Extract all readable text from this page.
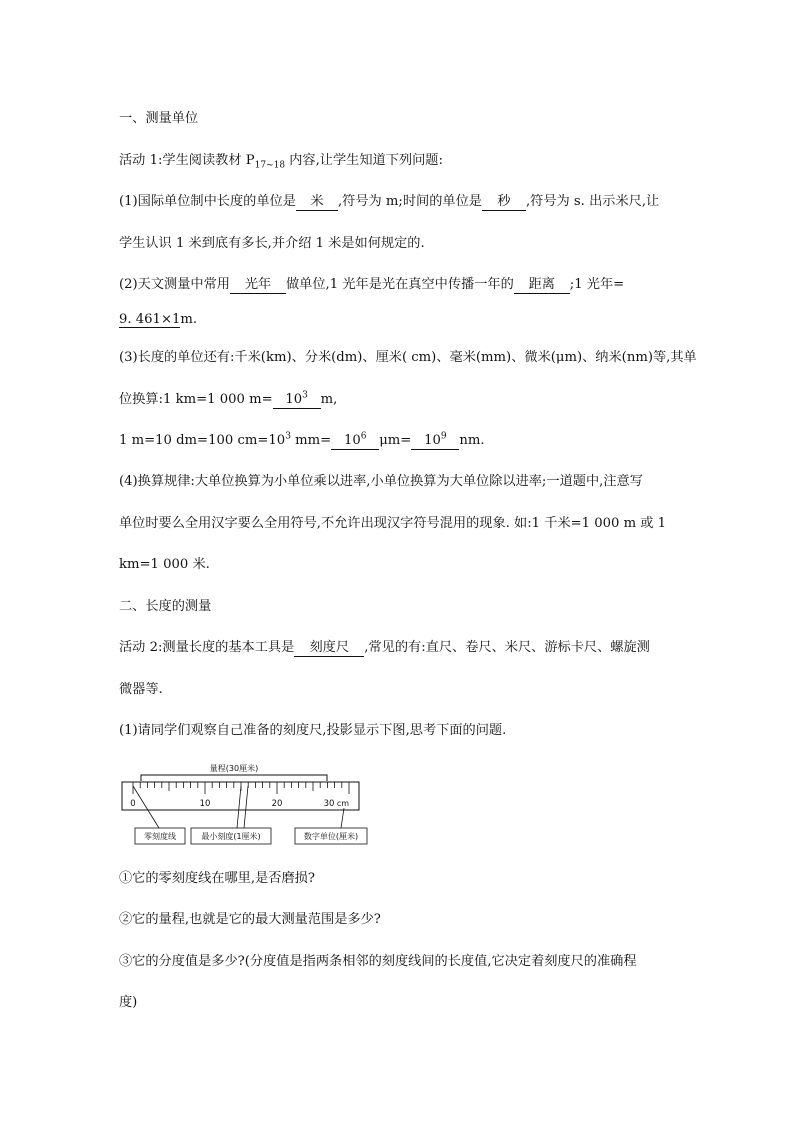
一、测量单位
活动 1:学生阅读教材 $P_{17\sim 18}$ 内容,让学生知道下列问题:
(1)国际单位制中长度的单位是 米 ,符号为 m;时间的单位是 秒 ,符号为 s. 出示米尺,让
学生认识 1 米到底有多长,并介绍 1 米是如何规定的.
(2)天文测量中常用 光年 做单位,1 光年是光在真空中传播一年的 距离 ;1 光年=
9. 461×1m.
(3)长度的单位还有:千米(km)、分米(dm)、厘米( cm)、毫米(mm)、微米(μm)、纳米(nm)等,其单
位换算:1 km=1 000 $m= 10^3$ m,
1 m=10 dm=100 $cm=10^3$ $mm= 10^6$ $\mu m= 10^9$ nm.
(4)换算规律:大单位换算为小单位乘以进率,小单位换算为大单位除以进率;一道题中,注意写
单位时要么全用汉字要么全用符号,不允许出现汉字符号混用的现象. 如:1 千米=1 000 m 或 1
km=1 000 米.
二、长度的测量
活动 2:测量长度的基本工具是 刻度尺 ,常见的有:直尺、卷尺、米尺、游标卡尺、螺旋测
微器等.
(1)请同学们观察自己准备的刻度尺,投影显示下图,思考下面的问题.
量程(30厘米)
0	10	20	30 cm
零刻度线	最小刻度(1厘米)	数字单位(厘米)
①它的零刻度线在哪里,是否磨损?
②它的量程,也就是它的最大测量范围是多少?
③它的分度值是多少?(分度值是指两条相邻的刻度线间的长度值,它决定着刻度尺的准确程
度)
